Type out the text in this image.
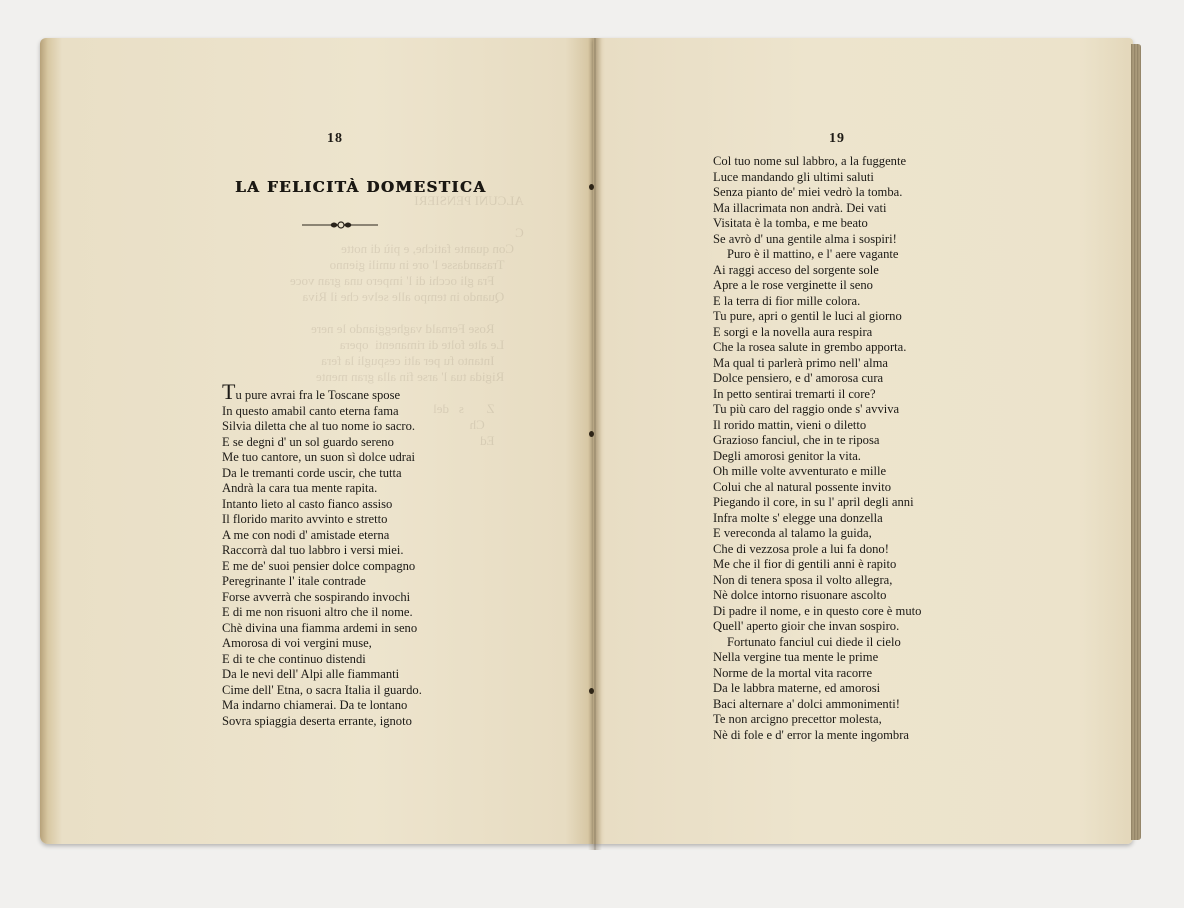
ALCUNI PENSIERI

C
Con quante fatiche, e più di notte
Trasandasse l' ore in umili gienno
Fra gli occhi di l' impero una gran voce
Quando in tempo alle selve che il Riva

Rose Fernald vagheggiando le nere
Le alte folte di rimanenti  opera
Intanto fu per alti cespugli la fera
Rigida tua l' arse fin alla gran mente

Z       s   del
Ch
Ed
18
LA FELICITÀ DOMESTICA
Tu pure avrai fra le Toscane spose
In questo amabil canto eterna fama
Silvia diletta che al tuo nome io sacro.
E se degni d' un sol guardo sereno
Me tuo cantore, un suon sì dolce udrai
Da le tremanti corde uscir, che tutta
Andrà la cara tua mente rapita.
Intanto lieto al casto fianco assiso
Il florido marito avvinto e stretto
A me con nodi d' amistade eterna
Raccorrà dal tuo labbro i versi miei.
E me de' suoi pensier dolce compagno
Peregrinante l' itale contrade
Forse avverrà che sospirando invochi
E di me non risuoni altro che il nome.
Chè divina una fiamma ardemi in seno
Amorosa di voi vergini muse,
E di te che continuo distendi
Da le nevi dell' Alpi alle fiammanti
Cime dell' Etna, o sacra Italia il guardo.
Ma indarno chiamerai. Da te lontano
Sovra spiaggia deserta errante, ignoto
19
Col tuo nome sul labbro, a la fuggente
Luce mandando gli ultimi saluti
Senza pianto de' miei vedrò la tomba.
Ma illacrimata non andrà. Dei vati
Visitata è la tomba, e me beato
Se avrò d' una gentile alma i sospiri!
Puro è il mattino, e l' aere vagante
Ai raggi acceso del sorgente sole
Apre a le rose verginette il seno
E la terra di fior mille colora.
Tu pure, apri o gentil le luci al giorno
E sorgi e la novella aura respira
Che la rosea salute in grembo apporta.
Ma qual ti parlerà primo nell' alma
Dolce pensiero, e d' amorosa cura
In petto sentirai tremarti il core?
Tu più caro del raggio onde s' avviva
Il rorido mattin, vieni o diletto
Grazioso fanciul, che in te riposa
Degli amorosi genitor la vita.
Oh mille volte avventurato e mille
Colui che al natural possente invito
Piegando il core, in su l' april degli anni
Infra molte s' elegge una donzella
E vereconda al talamo la guida,
Che di vezzosa prole a lui fa dono!
Me che il fior di gentili anni è rapito
Non di tenera sposa il volto allegra,
Nè dolce intorno risuonare ascolto
Di padre il nome, e in questo core è muto
Quell' aperto gioir che invan sospiro.
Fortunato fanciul cui diede il cielo
Nella vergine tua mente le prime
Norme de la mortal vita racorre
Da le labbra materne, ed amorosi
Baci alternare a' dolci ammonimenti!
Te non arcigno precettor molesta,
Nè di fole e d' error la mente ingombra
